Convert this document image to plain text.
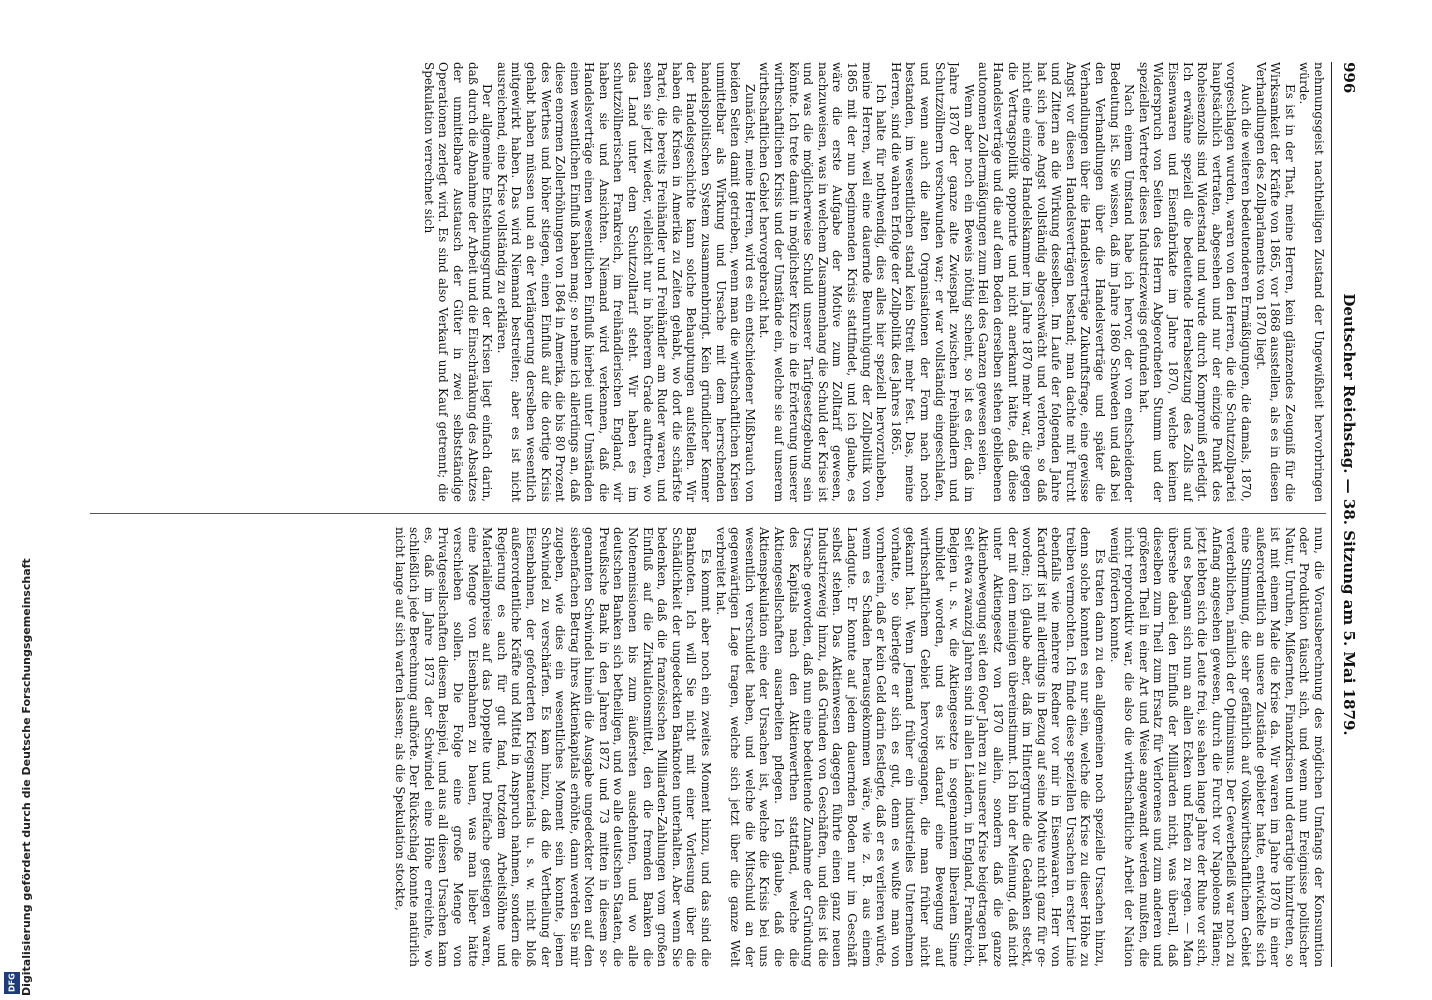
Digitalisierung gefördert durch die Deutsche Forschungsgemeinschaft
DFG
996
Deutscher Reichstag. — 38. Sitzung am 5. Mai 1879.

nehmungsgeist nachtheiligen Zustand der Ungewißheit hervorbringen würde.

Es ist in der That, meine Herren, kein glänzendes Zeugniß für die Wirksamkeit der Kräfte von 1865, vor 1868 ausstellen, als es in diesen Verhandlungen des Zollparlaments von 1870 liegt.

Auch die weiteren bedeutenderen Ermäßigungen, die damals, 1870, vorgeschlagen wurden, waren von den Herren, die die Schutzzollpartei hauptsächlich vertraten, abgesehen und nur der einzige Punkt des Roheisenzolls sind Widerstand und wurde durch Kompromiß erledigt. Ich erwähne speziell die bedeutende Herabsetzung des Zolls auf Eisenwaaren und Eisenfabrikate im Jahre 1870, welche keinen Widerspruch von Seiten des Herrn Abgeordneten Stumm und der speziellen Vertreter dieses Industriezweigs gefunden hat.

Nach einem Umstand habe ich hervor, der von entscheidender Bedeutung ist. Sie wissen, daß im Jahre 1860 Schweden und daß bei den Verhandlungen über die Handelsverträge und später die Verhandlungen über die Handelsverträge Zukunftsfrage, eine gewisse Angst vor diesen Handelsverträgen bestand; man dachte mit Furcht und Zittern an die Wirkung desselben. Im Laufe der folgenden Jahre hat sich jene Angst vollständig abgeschwächt und verloren, so daß nicht eine einzige Handelskammer im Jahre 1870 mehr war, die gegen die Vertragspolitik opponirte und nicht anerkannt hätte, daß diese Handelsverträge und die auf dem Boden derselben stehen gebliebenen autonomen Zollermäßigungen zum Heil des Ganzen gewesen seien.

Wenn aber noch ein Beweis nöthig scheint, so ist es der, daß im Jahre 1870 der ganze alte Zwiespalt zwischen Freihändlern und Schutzzöllnern verschwunden war; er war vollständig eingeschlafen, und wenn auch die alten Organisationen der Form nach noch bestanden, im wesentlichen stand kein Streit mehr fest. Das, meine Herren, sind die wahren Erfolge der Zollpolitik des Jahres 1865.

Ich halte für nothwendig, dies alles hier speziell hervorzuheben, meine Herren, weil eine dauernde Beunruhigung der Zollpolitik von 1865 mit der nun beginnenden Krisis stattfindet, und ich glaube, es wäre die erste Aufgabe der Motive zum Zolltarif gewesen, nachzuweisen, was in welchem Zusammenhang die Schuld der Krise ist und was die möglicherweise Schuld unserer Tarifgesetzgebung sein könnte. Ich trete damit in möglichster Kürze in die Erörterung unserer wirthschaftlichen Krisis und der Umstände ein, welche sie auf unserem wirthschaftlichen Gebiet hervorgebracht hat.

Zunächst, meine Herren, wird es ein entschiedener Mißbrauch von beiden Seiten damit getrieben, wenn man die wirthschaftlichen Krisen unmittelbar als Wirkung und Ursache mit dem herrschenden handelspolitischen System zusammenbringt. Kein gründlicher Kenner der Handelsgeschichte kann solche Behauptungen aufstellen. Wir haben die Krisen in Amerika zu Zeiten gehabt, wo dort die schärfste Partei, die bereits Freihändler und Freihändler am Ruder waren, und sehen sie jetzt wieder, vielleicht nur in höherem Grade auftreten, wo das Land unter dem Schutzzolltarif steht. Wir haben es im schutzzöllnerischen Frankreich, im freihändlerischen England, wir haben sie und Ansichten. Niemand wird verkennen, daß die Handelsverträge einen wesentlichen Einfluß hierbei unter Umständen einen wesentlichen Einfluß haben mag; so nehme ich allerdings an, daß diese enormen Zollerhöhungen von 1864 in Amerika, die bis 80 Prozent des Werthes und höher stiegen, einen Einfluß auf die dortige Krisis gehabt haben müssen und an der Verlängerung derselben wesentlich mitgewirkt haben. Das wird Niemand bestreiten; aber es ist nicht ausreichend, eine Krise vollständig zu erklären.

Der allgemeine Entstehungsgrund der Krisen liegt einfach darin, daß durch die Abnahme der Arbeit und die Einschränkung des Absatzes der unmittelbare Austausch der Güter in zwei selbstständige Operationen zerlegt wird. Es sind also Verkauf und Kauf getrennt; die Spekulation verrechnet sich

nun, die Vorausberechnung des möglichen Umfangs der Konsumtion oder Produktion täuscht sich, und wenn nun Ereignisse politischer Natur, Unruhen, Mißernten, Finanzkrisen und derartige hinzutreten, so ist mit einem Male die Krise da. Wir waren im Jahre 1870 in einer außerordentlich an unsere Zustände gebieter hatte, entwickelte sich eine Stimmung, die sehr gefährlich auf volkswirthschaftlichem Gebiet verderblichen, nämlich der Optimismus. Der Gewerbefleiß war noch zu Anfang angesehen gewesen, durch die Furcht vor Napoleons Plänen; jetzt lebten sich die Leute frei, sie sahen lange Jahre der Ruhe vor sich, und es begann sich nun an allen Ecken und Enden zu regen. — Man übersehe dabei den Einfluß der Milliarden nicht, was überall, daß dieselben zum Theil zum Ersatz für Verlorenes und zum anderen und größeren Theil in einer Art und Weise angewandt werden mußten, die nicht reproduktiv war, die also die wirthschaftliche Arbeit der Nation wenig fördern konnte.

Es traten dann zu den allgemeinen noch spezielle Ursachen hinzu, denn solche konnten es nur sein, welche die Krise zu dieser Höhe zu treiben vermochten. Ich finde diese speziellen Ursachen in erster Linie ebenfalls wie mehrere Redner vor mir in Eisenwaaren. Herr von Kardorff ist mit allerdings in Bezug auf seine Motive nicht ganz für geworden; ich glaube aber, daß im Hintergrunde die Gedanken steckt, der mit dem meinigen übereinstimmt. Ich bin der Meinung, daß nicht unter Aktiengesetz von 1870 allein, sondern daß die ganze Aktienbewegung seit den 60er Jahren zu unserer Krise beigetragen hat. Seit etwa zwanzig Jahren sind in allen Ländern, in England, Frankreich, Belgien u. s. w. die Aktiengesetze in sogenanntem liberalem Sinne umbildet worden, und es ist darauf eine Bewegung auf wirthschaftlichem Gebiet hervorgegangen, die man früher nicht gekannt hat. Wenn Jemand früher ein industrielles Unternehmen vorhatte, so überlegte er sich es gut, denn es wußte man von vornherein, daß er kein Geld darin festlegte, daß er es verlieren würde, wenn es Schaden herausgekommen wäre, wie z. B. aus einem Landgute. Er konnte auf jedem dauernden Boden nur im Geschäft selbst stehen. Das Aktienwesen dagegen führte einen ganz neuen Industriezweig hinzu, daß Gründen von Geschäften, und dies ist die Ursache geworden, daß nun eine bedeutende Zunahme der Gründung des Kapitals nach den Aktienwerthen stattfand, welche die Aktiengesellschaften ausarbeiten pflegen. Ich glaube, daß die Aktienspekulation eine der Ursachen ist, welche die Krisis bei uns wesentlich verschuldet haben, und welche die Mitschuld an der gegenwärtigen Lage tragen, welche sich jetzt über die ganze Welt verbreitet hat.

Es kommt aber noch ein zweites Moment hinzu, und das sind die Banknoten. Ich will Sie nicht mit einer Vorlesung über die Schädlichkeit der ungedeckten Banknoten unterhalten. Aber wenn Sie bedenken, daß die französischen Milliarden-Zahlungen vom großen Einfluß auf die Zirkulationsmittel, den die fremden Banken die Notenemissionen bis zum äußersten ausdehnten, und wo alle deutschen Banken sich betheiligen, und wo alle deutschen Staaten, die Preußische Bank in den Jahren 1872 und 73 mitten in diesem sogenannten Schwindel hinein die Ausgabe ungedeckter Noten auf den siebenfachen Betrag ihres Aktienkapitals erhöhte, dann werden Sie mir zugeben, wie dies ein wesentliches Moment sein konnte, jenen Schwindel zu verschärfen. Es kam hinzu, daß die Vertheilung der Eisenbahnen, der geforderten Kriegsmaterials u. s. w. nicht bloß außerordentliche Kräfte und Mittel in Anspruch nahmen, sondern die Regierung es auch für gut fand, trotzdem Arbeitslöhne und Materialienpreise auf das Doppelte und Dreifache gestiegen waren, eine Menge von Eisenbahnen zu bauen, was man lieber hätte verschieben sollen. Die Folge eine große Menge von Privatgesellschaften diesem Beispiel, und aus all diesen Ursachen kam es, daß im Jahre 1873 der Schwindel eine Höhe erreichte, wo schließlich jede Berechnung aufhörte. Der Rückschlag konnte natürlich nicht lange auf sich warten lassen; als die Spekulation stockte,
